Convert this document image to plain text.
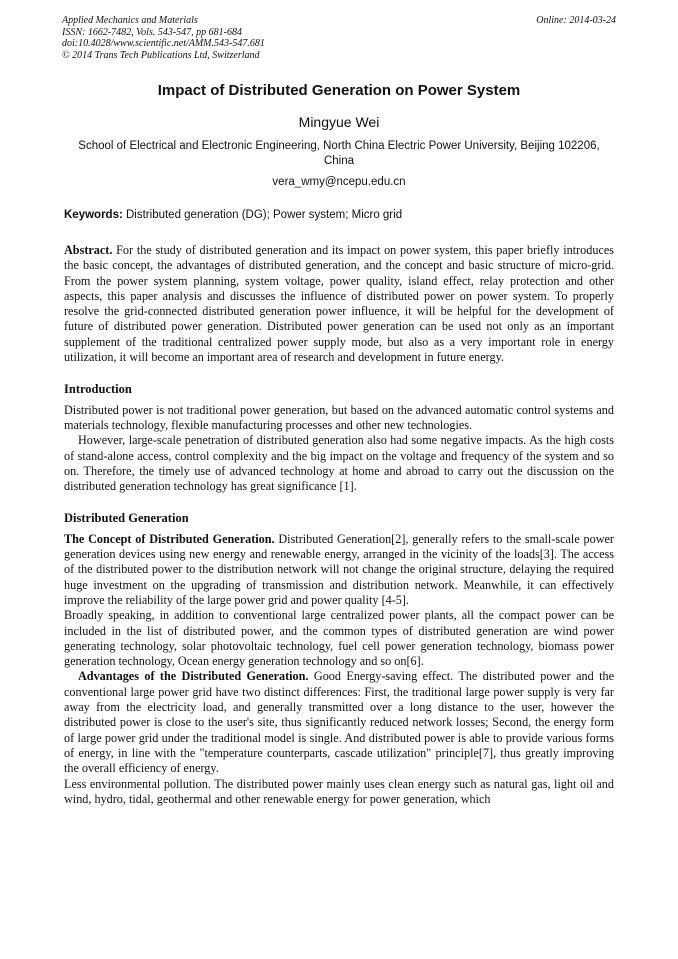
Applied Mechanics and Materials
ISSN: 1662-7482, Vols. 543-547, pp 681-684
doi:10.4028/www.scientific.net/AMM.543-547.681
© 2014 Trans Tech Publications Ltd, Switzerland
Online: 2014-03-24
Impact of Distributed Generation on Power System
Mingyue Wei
School of Electrical and Electronic Engineering, North China Electric Power University, Beijing 102206, China
vera_wmy@ncepu.edu.cn
Keywords: Distributed generation (DG); Power system; Micro grid

Abstract. For the study of distributed generation and its impact on power system, this paper briefly introduces the basic concept, the advantages of distributed generation, and the concept and basic structure of micro-grid. From the power system planning, system voltage, power quality, island effect, relay protection and other aspects, this paper analysis and discusses the influence of distributed power on power system. To properly resolve the grid-connected distributed generation power influence, it will be helpful for the development of future of distributed power generation. Distributed power generation can be used not only as an important supplement of the traditional centralized power supply mode, but also as a very important role in energy utilization, it will become an important area of research and development in future energy.

Introduction

Distributed power is not traditional power generation, but based on the advanced automatic control systems and materials technology, flexible manufacturing processes and other new technologies.

However, large-scale penetration of distributed generation also had some negative impacts. As the high costs of stand-alone access, control complexity and the big impact on the voltage and frequency of the system and so on. Therefore, the timely use of advanced technology at home and abroad to carry out the discussion on the distributed generation technology has great significance [1].

Distributed Generation

The Concept of Distributed Generation. Distributed Generation[2], generally refers to the small-scale power generation devices using new energy and renewable energy, arranged in the vicinity of the loads[3]. The access of the distributed power to the distribution network will not change the original structure, delaying the required huge investment on the upgrading of transmission and distribution network. Meanwhile, it can effectively improve the reliability of the large power grid and power quality [4-5].

Broadly speaking, in addition to conventional large centralized power plants, all the compact power can be included in the list of distributed power, and the common types of distributed generation are wind power generating technology, solar photovoltaic technology, fuel cell power generation technology, biomass power generation technology, Ocean energy generation technology and so on[6].

Advantages of the Distributed Generation. Good Energy-saving effect. The distributed power and the conventional large power grid have two distinct differences: First, the traditional large power supply is very far away from the electricity load, and generally transmitted over a long distance to the user, however the distributed power is close to the user's site, thus significantly reduced network losses; Second, the energy form of large power grid under the traditional model is single. And distributed power is able to provide various forms of energy, in line with the "temperature counterparts, cascade utilization" principle[7], thus greatly improving the overall efficiency of energy.

Less environmental pollution. The distributed power mainly uses clean energy such as natural gas, light oil and wind, hydro, tidal, geothermal and other renewable energy for power generation, which
